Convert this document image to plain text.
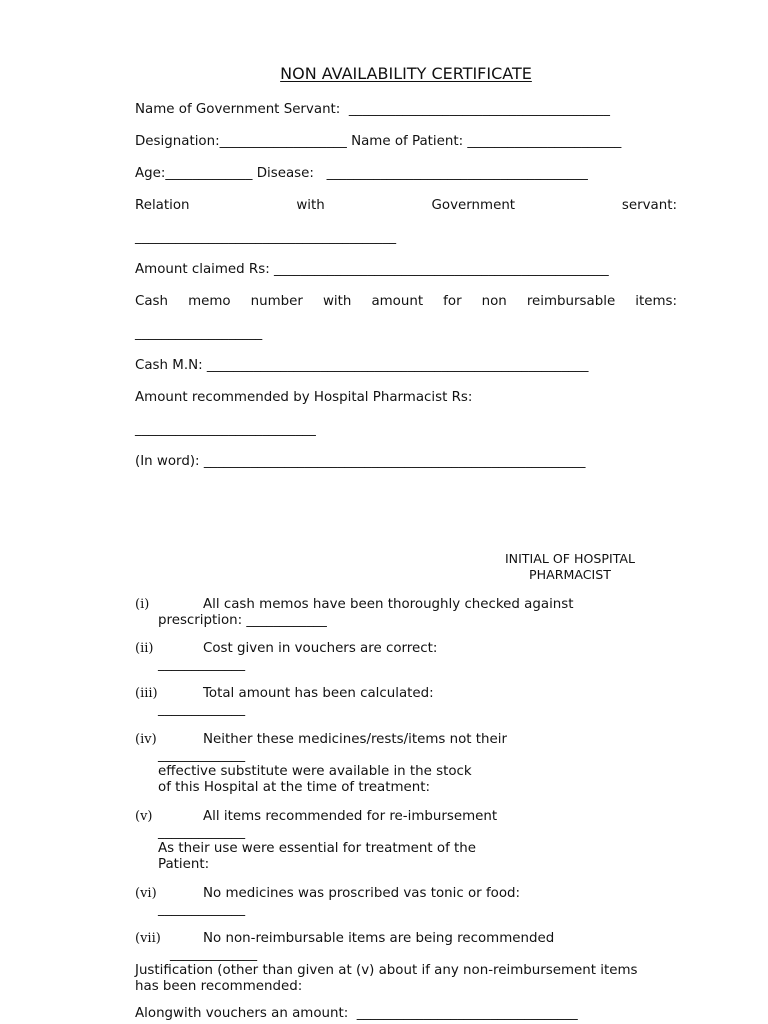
NON AVAILABILITY CERTIFICATE
Name of Government Servant:  _______________________________________
Designation:___________________ Name of Patient: _______________________
Age:_____________ Disease:   _______________________________________
Relation	with	Government	servant:
_______________________________________
Amount claimed Rs: __________________________________________________
Cash memo number with amount for non reimbursable items:
___________________
Cash M.N: _________________________________________________________
Amount recommended by Hospital Pharmacist Rs:
___________________________
(In word): _________________________________________________________
INITIAL OF HOSPITAL
PHARMACIST
(i)	All cash memos have been thoroughly checked against
prescription: ____________
(ii)	Cost given in vouchers are correct:
_____________
(iii)	Total amount has been calculated:
_____________
(iv)	Neither these medicines/rests/items not their
_____________
effective substitute were available in the stock
of this Hospital at the time of treatment:
(v)	All items recommended for re-imbursement
_____________
As their use were essential for treatment of the
Patient:
(vi)	No medicines was proscribed vas tonic or food:
_____________
(vii)	No non-reimbursable items are being recommended
_____________
Justification (other than given at (v) about if any non-reimbursement items
has been recommended:
Alongwith vouchers an amount:  _________________________________
